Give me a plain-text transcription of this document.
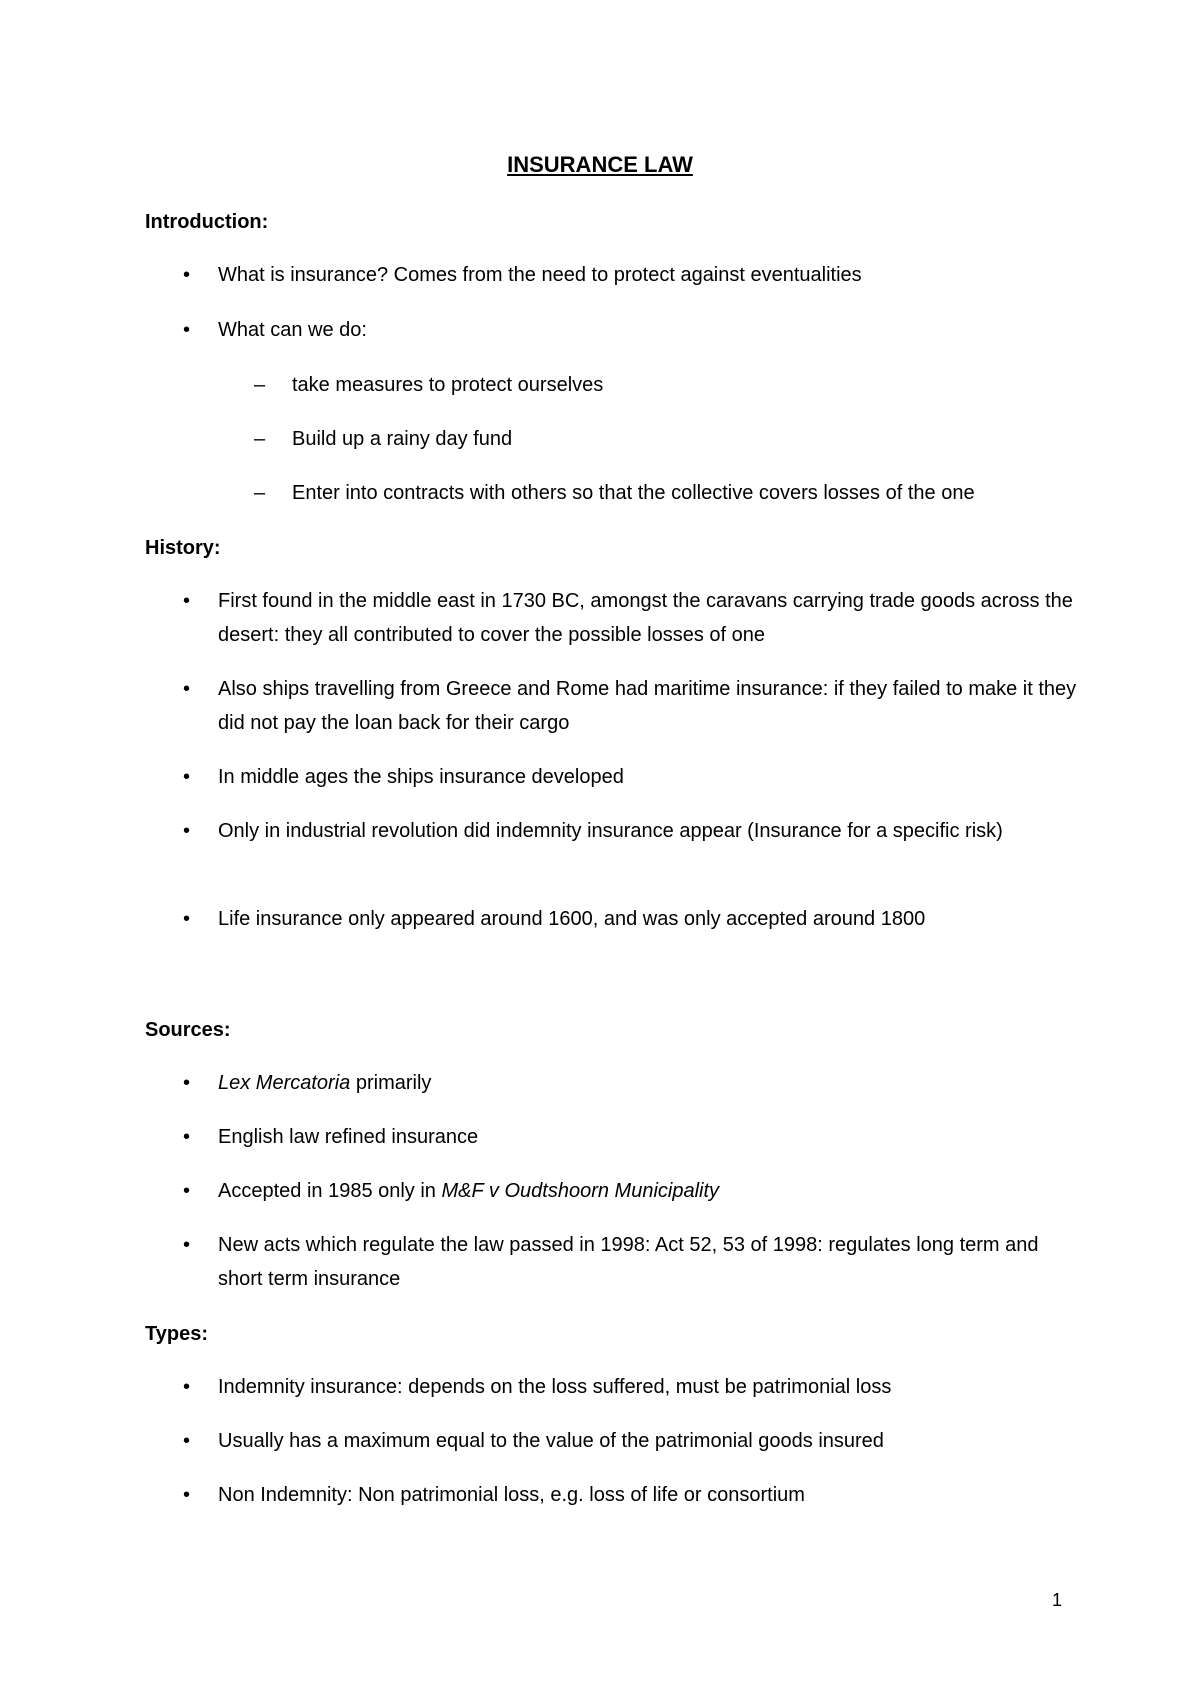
INSURANCE LAW
Introduction:
• What is insurance? Comes from the need to protect against eventualities
• What can we do:
– take measures to protect ourselves
– Build up a rainy day fund
– Enter into contracts with others so that the collective covers losses of the one
History:
• First found in the middle east in 1730 BC, amongst the caravans carrying trade goods across the desert: they all contributed to cover the possible losses of one
• Also ships travelling from Greece and Rome had maritime insurance: if they failed to make it they did not pay the loan back for their cargo
• In middle ages the ships insurance developed
• Only in industrial revolution did indemnity insurance appear (Insurance for a specific risk)
• Life insurance only appeared around 1600, and was only accepted around 1800
Sources:
• Lex Mercatoria primarily
• English law refined insurance
• Accepted in 1985 only in M&F v Oudtshoorn Municipality
• New acts which regulate the law passed in 1998: Act 52, 53 of 1998: regulates long term and short term insurance
Types:
• Indemnity insurance: depends on the loss suffered, must be patrimonial loss
• Usually has a maximum equal to the value of the patrimonial goods insured
• Non Indemnity: Non patrimonial loss, e.g. loss of life or consortium
1
